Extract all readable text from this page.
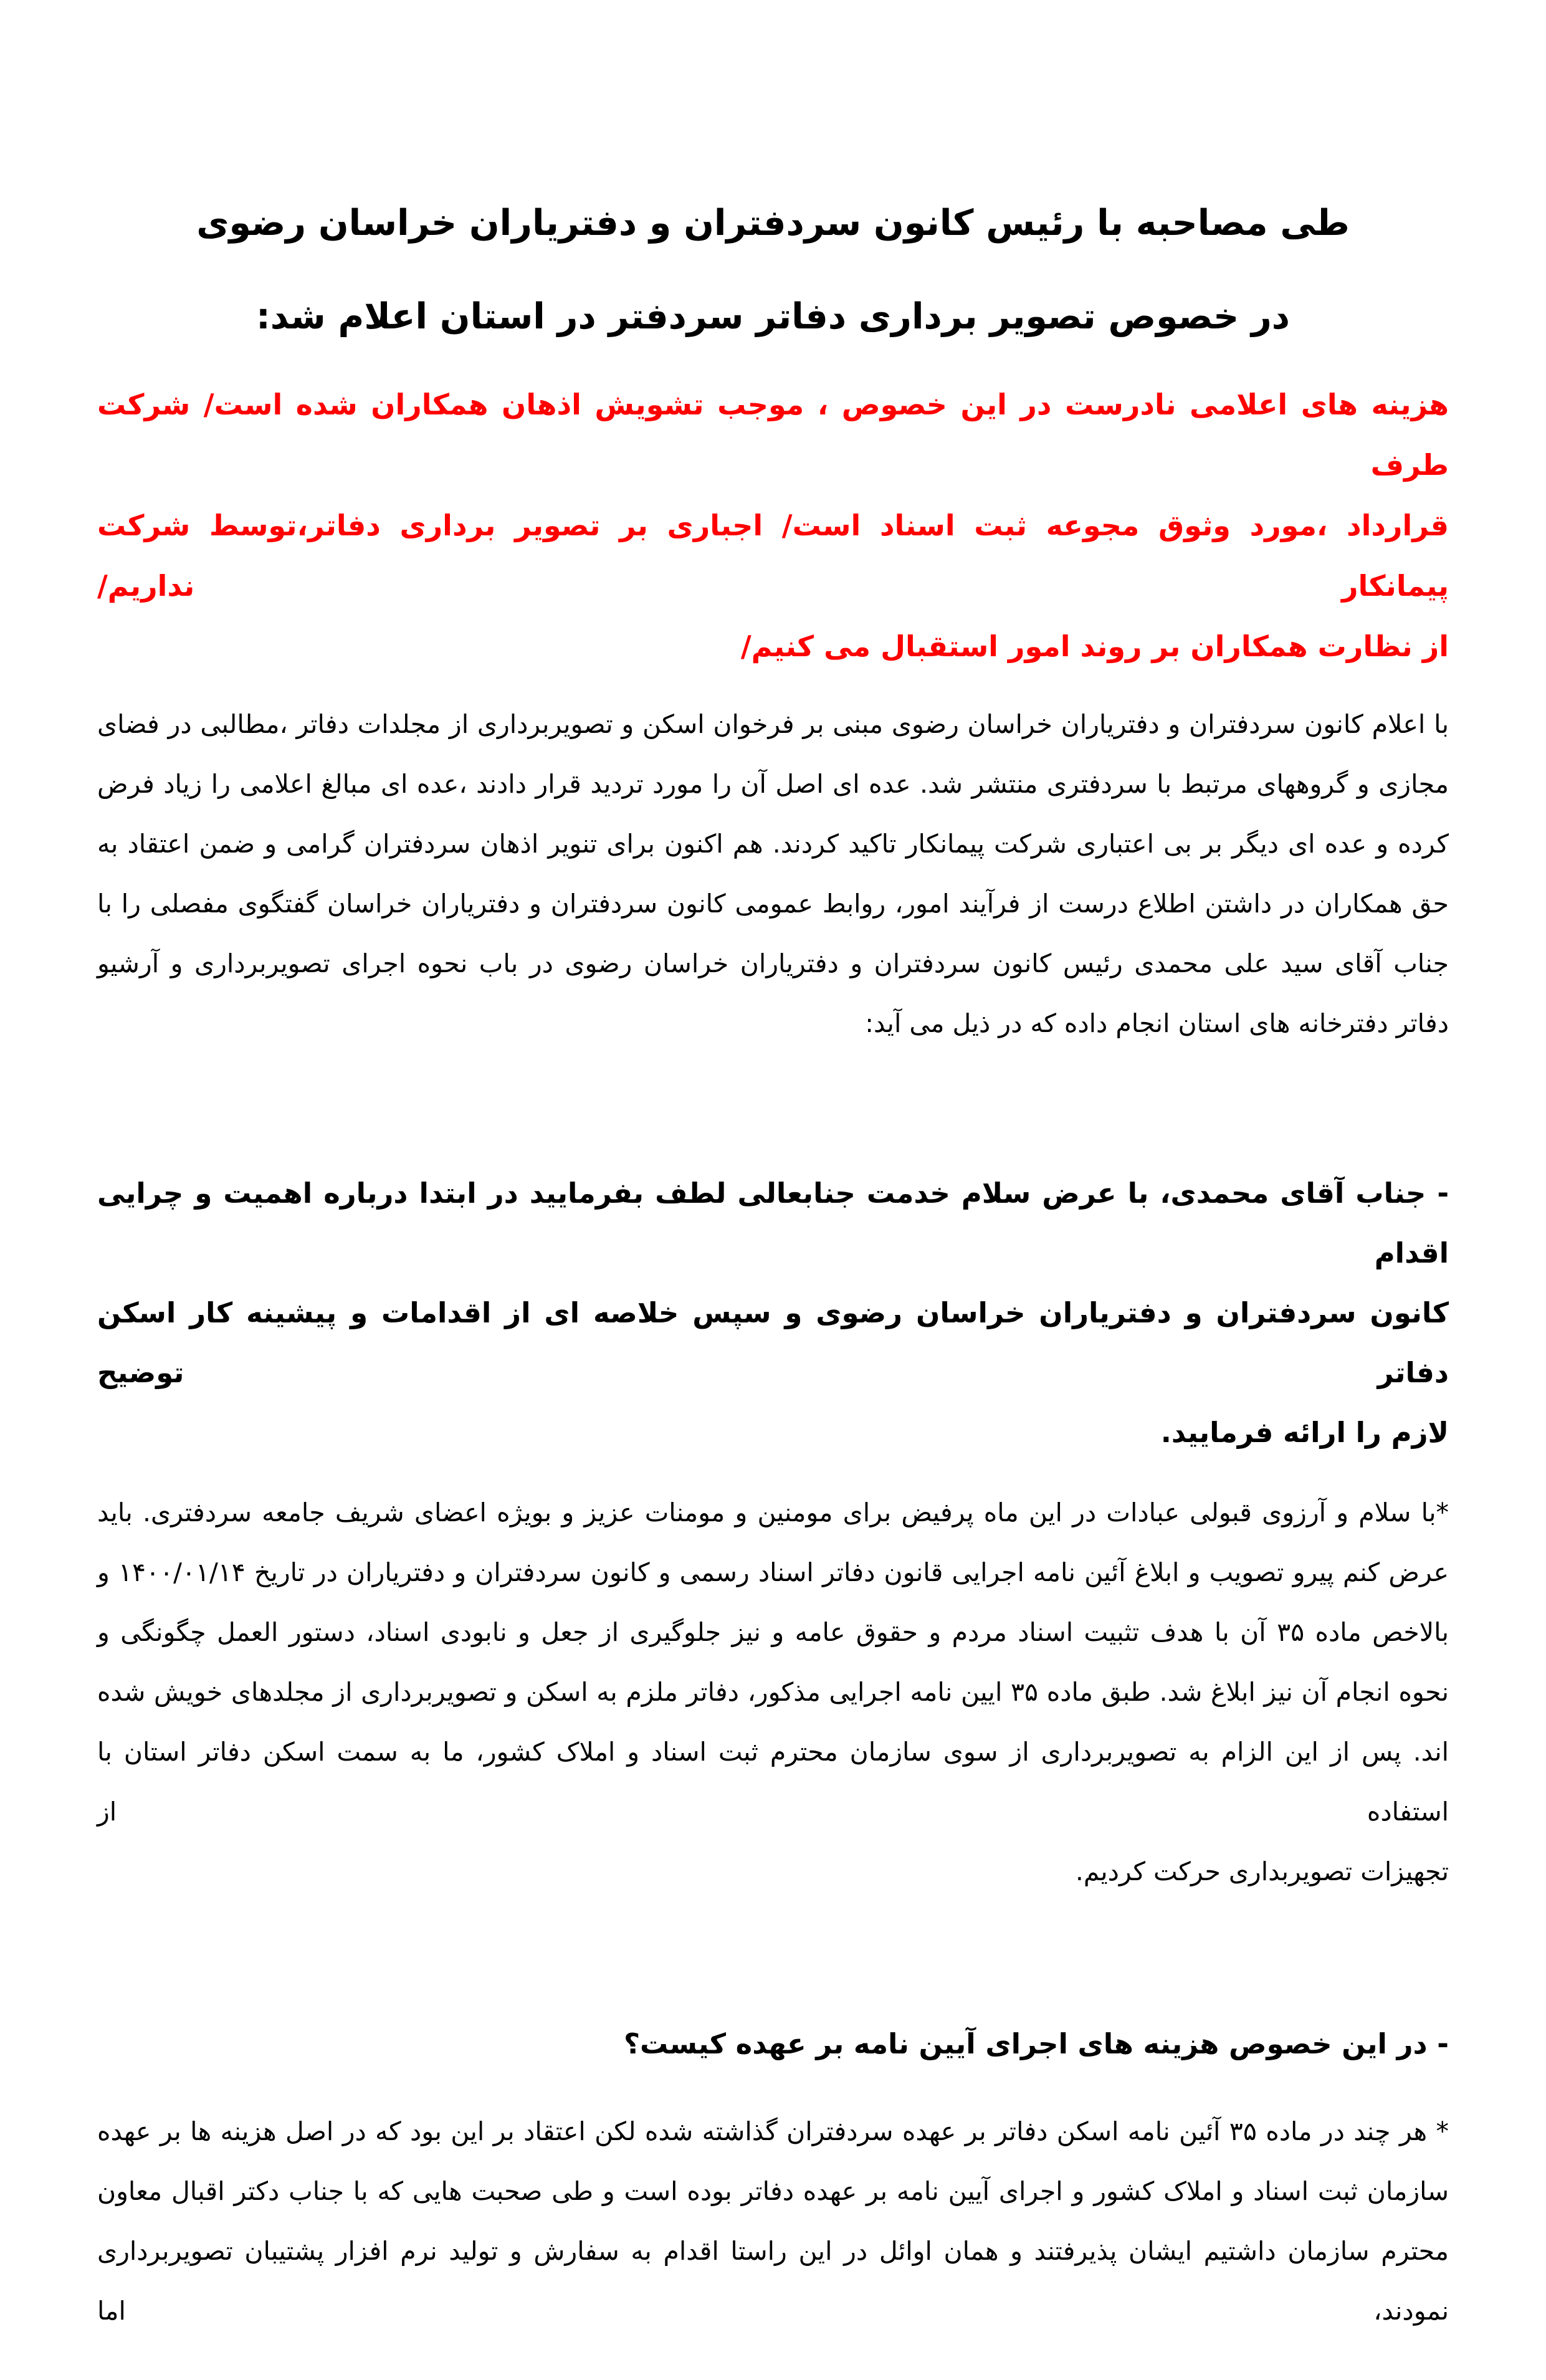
طی مصاحبه با رئیس کانون سردفتران و دفتریاران خراسان رضوی
در خصوص تصویر برداری دفاتر سردفتر در استان اعلام شد:
هزینه های اعلامی نادرست در این خصوص ، موجب تشویش اذهان همکاران شده است/ شرکت طرف
قرارداد ،مورد وثوق مجوعه ثبت اسناد است/ اجباری بر تصویر برداری دفاتر،توسط شرکت پیمانکار نداریم/
از نظارت همکاران بر روند امور استقبال می کنیم/
با اعلام کانون سردفتران و دفتریاران خراسان رضوی مبنی بر فرخوان اسکن و تصویربرداری از مجلدات دفاتر ،مطالبی در فضای
مجازی و گروههای مرتبط با سردفتری منتشر شد. عده ای اصل آن را مورد تردید قرار دادند ،عده ای مبالغ اعلامی را زیاد فرض
کرده و عده ای دیگر بر بی اعتباری شرکت پیمانکار تاکید کردند. هم اکنون برای تنویر اذهان سردفتران گرامی و ضمن اعتقاد به
حق همکاران در داشتن اطلاع درست از فرآیند امور، روابط عمومی کانون سردفتران و دفتریاران خراسان گفتگوی مفصلی را با
جناب آقای سید علی محمدی رئیس کانون سردفتران و دفتریاران خراسان رضوی در باب نحوه اجرای تصویربرداری و آرشیو
دفاتر دفترخانه های استان انجام داده که در ذیل می آید:
- جناب آقای محمدی، با عرض سلام خدمت جنابعالی لطف بفرمایید در ابتدا درباره اهمیت و چرایی اقدام
کانون سردفتران و دفتریاران خراسان رضوی و سپس خلاصه ای از اقدامات و پیشینه کار اسکن دفاتر توضیح
لازم را ارائه فرمایید.
*با سلام و آرزوی قبولی عبادات در این ماه پرفیض برای مومنین و مومنات عزیز و بویژه اعضای شریف جامعه سردفتری. باید
عرض کنم پیرو تصویب و ابلاغ آئین نامه اجرایی قانون دفاتر اسناد رسمی و کانون سردفتران و دفتریاران در تاریخ ۱۴۰۰/۰۱/۱۴ و
بالاخص ماده ۳۵ آن با هدف تثبیت اسناد مردم و حقوق عامه و نیز جلوگیری از جعل و نابودی اسناد، دستور العمل چگونگی و
نحوه انجام آن نیز ابلاغ شد. طبق ماده ۳۵ ایین نامه اجرایی مذکور، دفاتر ملزم به اسکن و تصویربرداری از مجلدهای خویش شده
اند. پس از این الزام به تصویربرداری از سوی سازمان محترم ثبت اسناد و املاک کشور، ما به سمت اسکن دفاتر استان با استفاده از
تجهیزات تصویربداری حرکت کردیم.
- در این خصوص هزینه های اجرای آیین نامه بر عهده کیست؟
* هر چند در ماده ۳۵ آئین نامه اسکن دفاتر بر عهده سردفتران گذاشته شده لکن اعتقاد بر این بود که در اصل هزینه ها بر عهده
سازمان ثبت اسناد و املاک کشور و اجرای آیین نامه بر عهده دفاتر بوده است و طی صحبت هایی که با جناب دکتر اقبال معاون
محترم سازمان داشتیم ایشان پذیرفتند و همان اوائل در این راستا اقدام به سفارش و تولید نرم افزار پشتیبان تصویربرداری نمودند، اما
